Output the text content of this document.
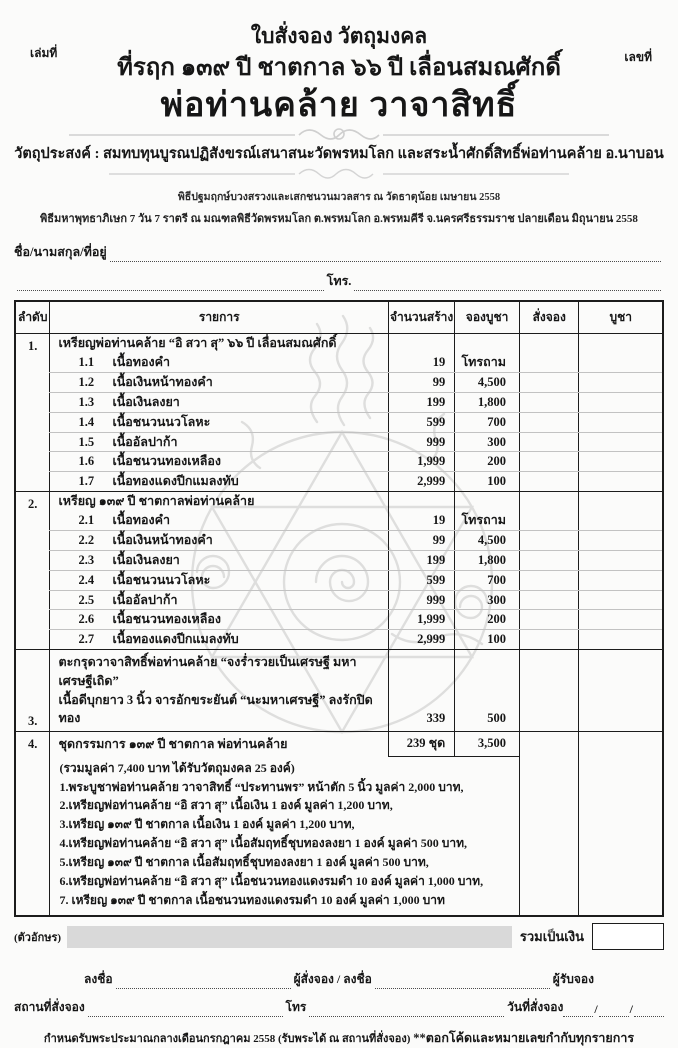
เล่มที่	เลขที่
ใบสั่งจอง วัตถุมงคล
ที่รฤก ๑๓๙ ปี ชาตกาล ๖๖ ปี เลื่อนสมณศักดิ์
พ่อท่านคล้าย วาจาสิทธิ์
วัตถุประสงค์ : สมทบทุนบูรณปฏิสังขรณ์เสนาสนะวัดพรหมโลก และสระน้ำศักดิ์สิทธิ์พ่อท่านคล้าย อ.นาบอน
พิธีปฐมฤกษ์บวงสรวงและเสกชนวนมวลสาร ณ วัดธาตุน้อย เมษายน 2558
พิธีมหาพุทธาภิเษก 7 วัน 7 ราตรี ณ มณฑลพิธีวัดพรหมโลก ต.พรหมโลก อ.พรหมคีรี จ.นครศรีธรรมราช ปลายเดือน มิถุนายน 2558
ชื่อ/นามสกุล/ที่อยู่
โทร.
ลำดับ	รายการ	จำนวนสร้าง	จองบูชา	สั่งจอง	บูชา
1.	เหรียญพ่อท่านคล้าย “อิ สวา สุ” ๖๖ ปี เลื่อนสมณศักดิ์				
	1.1 เนื้อทองคำ	19	โทรถาม		
	1.2 เนื้อเงินหน้าทองคำ	99	4,500		
	1.3 เนื้อเงินลงยา	199	1,800		
	1.4 เนื้อชนวนนวโลหะ	599	700		
	1.5 เนื้ออัลปาก้า	999	300		
	1.6 เนื้อชนวนทองเหลือง	1,999	200		
	1.7 เนื้อทองแดงปีกแมลงทับ	2,999	100		
2.	เหรียญ ๑๓๙ ปี ชาตกาลพ่อท่านคล้าย				
	2.1 เนื้อทองคำ	19	โทรถาม		
	2.2 เนื้อเงินหน้าทองคำ	99	4,500		
	2.3 เนื้อเงินลงยา	199	1,800		
	2.4 เนื้อชนวนนวโลหะ	599	700		
	2.5 เนื้ออัลปาก้า	999	300		
	2.6 เนื้อชนวนทองเหลือง	1,999	200		
	2.7 เนื้อทองแดงปีกแมลงทับ	2,999	100		
3.	ตะกรุดวาจาสิทธิ์พ่อท่านคล้าย “จงร่ำรวยเป็นเศรษฐี มหาเศรษฐีเถิด”
เนื้อดีบุกยาว 3 นิ้ว จารอักขระยันต์ “นะมหาเศรษฐี” ลงรักปิดทอง	339	500		
4.	ชุดกรรมการ ๑๓๙ ปี ชาตกาล พ่อท่านคล้าย	239 ชุด	3,500		

(รวมมูลค่า 7,400 บาท ได้รับวัตถุมงคล 25 องค์)
1.พระบูชาพ่อท่านคล้าย วาจาสิทธิ์ “ประทานพร” หน้าตัก 5 นิ้ว มูลค่า 2,000 บาท,
2.เหรียญพ่อท่านคล้าย “อิ สวา สุ” เนื้อเงิน 1 องค์ มูลค่า 1,200 บาท,
3.เหรียญ ๑๓๙ ปี ชาตกาล เนื้อเงิน 1 องค์ มูลค่า 1,200 บาท,
4.เหรียญพ่อท่านคล้าย “อิ สวา สุ” เนื้อสัมฤทธิ์ชุบทองลงยา 1 องค์ มูลค่า 500 บาท,
5.เหรียญ ๑๓๙ ปี ชาตกาล เนื้อสัมฤทธิ์ชุบทองลงยา 1 องค์ มูลค่า 500 บาท,
6.เหรียญพ่อท่านคล้าย “อิ สวา สุ” เนื้อชนวนทองแดงรมดำ 10 องค์ มูลค่า 1,000 บาท,
7. เหรียญ ๑๓๙ ปี ชาตกาล เนื้อชนวนทองแดงรมดำ 10 องค์ มูลค่า 1,000 บาท
(ตัวอักษร)	รวมเป็นเงิน
ลงชื่อ	ผู้สั่งจอง / ลงชื่อ	ผู้รับจอง
สถานที่สั่งจอง	โทร	วันที่สั่งจอง	/	/
กำหนดรับพระประมาณกลางเดือนกรกฎาคม 2558 (รับพระได้ ณ สถานที่สั่งจอง) **ตอกโค้ดและหมายเลขกำกับทุกรายการ
